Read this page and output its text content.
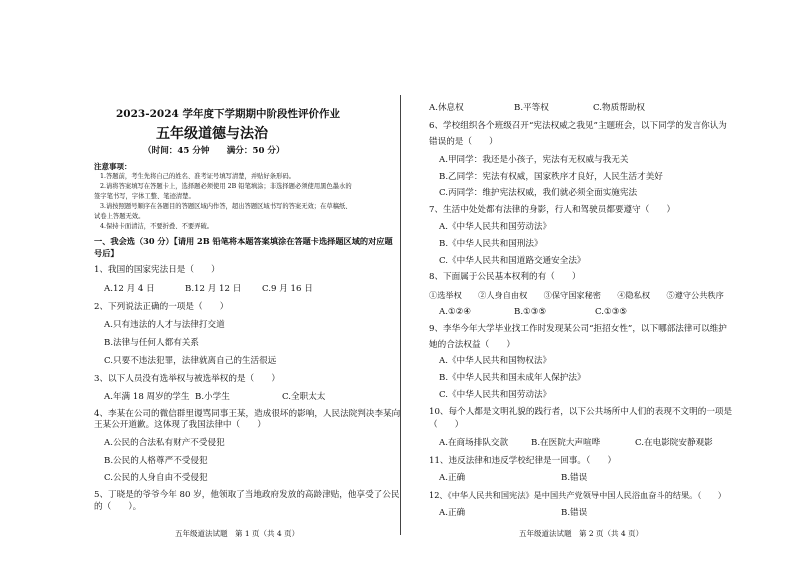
2023-2024 学年度下学期期中阶段性评价作业
五年级道德与法治
（时间：45 分钟　　满分：50 分）
注意事项：
1.答题前，考生先将自己的姓名、准考证号填写清楚，并贴好条形码。
2.请将答案填写在答题卡上，选择题必须使用 2B 铅笔填涂；非选择题必须使用黑色墨水的
签字笔书写，字体工整、笔迹清楚。
3.请按照题号顺序在各题目的答题区域内作答，超出答题区域书写的答案无效；在草稿纸、
试卷上答题无效。
4.保持卡面清洁，不要折叠、不要弄破。
一、我会选（30 分）【请用 2B 铅笔将本题答案填涂在答题卡选择题区域的对应题
号后】
1、我国的国家宪法日是（　　）
A.12 月 4 日	B.12 月 12 日 C.9 月 16 日
2、下列说法正确的一项是（　　）
A.只有违法的人才与法律打交道
B.法律与任何人都有关系
C.只要不违法犯罪，法律就离自己的生活很远
3、以下人员没有选举权与被选举权的是（　　）
A.年满 18 周岁的学生 B.小学生	C.全职太太
4、李某在公司的微信群里谩骂同事王某，造成很坏的影响，人民法院判决李某向
王某公开道歉。这体现了我国法律中（　　）
A.公民的合法私有财产不受侵犯
B.公民的人格尊严不受侵犯
C.公民的人身自由不受侵犯
5、丁晓是的爷爷今年 80 岁，他领取了当地政府发放的高龄津贴，他享受了公民
的（　　）。
五年级道法试题　第 1 页（共 4 页）
A.休息权	B.平等权	C.物质帮助权
6、学校组织各个班级召开“宪法权威之我见”主题班会，以下同学的发言你认为
错误的是（　　）
A.甲同学：我还是小孩子，宪法有无权威与我无关
B.乙同学：宪法有权威，国家秩序才良好，人民生活才美好
C.丙同学：维护宪法权威，我们就必须全面实施宪法
7、生活中处处都有法律的身影，行人和驾驶员都要遵守（　　）
A.《中华人民共和国劳动法》
B.《中华人民共和国刑法》
C.《中华人民共和国道路交通安全法》
8、下面属于公民基本权利的有（　　）
①选举权　　②人身自由权　　③保守国家秘密　　④隐私权　　⑤遵守公共秩序
A.①②④	B.①③⑤	C.①③⑤
9、李华今年大学毕业找工作时发现某公司“拒招女性”，以下哪部法律可以维护
她的合法权益（　　）
A.《中华人民共和国物权法》
B.《中华人民共和国未成年人保护法》
C.《中华人民共和国劳动法》
10、每个人都是文明礼貌的践行者，以下公共场所中人们的表现不文明的一项是
（　　）
A.在商场排队交款	B.在医院大声喧哗	C.在电影院安静观影
11、违反法律和违反学校纪律是一回事。（　　）
A.正确	B.错误
12、《中华人民共和国宪法》是中国共产党领导中国人民浴血奋斗的结果。（　　）
A.正确	B.错误
五年级道法试题　第 2 页（共 4 页）
